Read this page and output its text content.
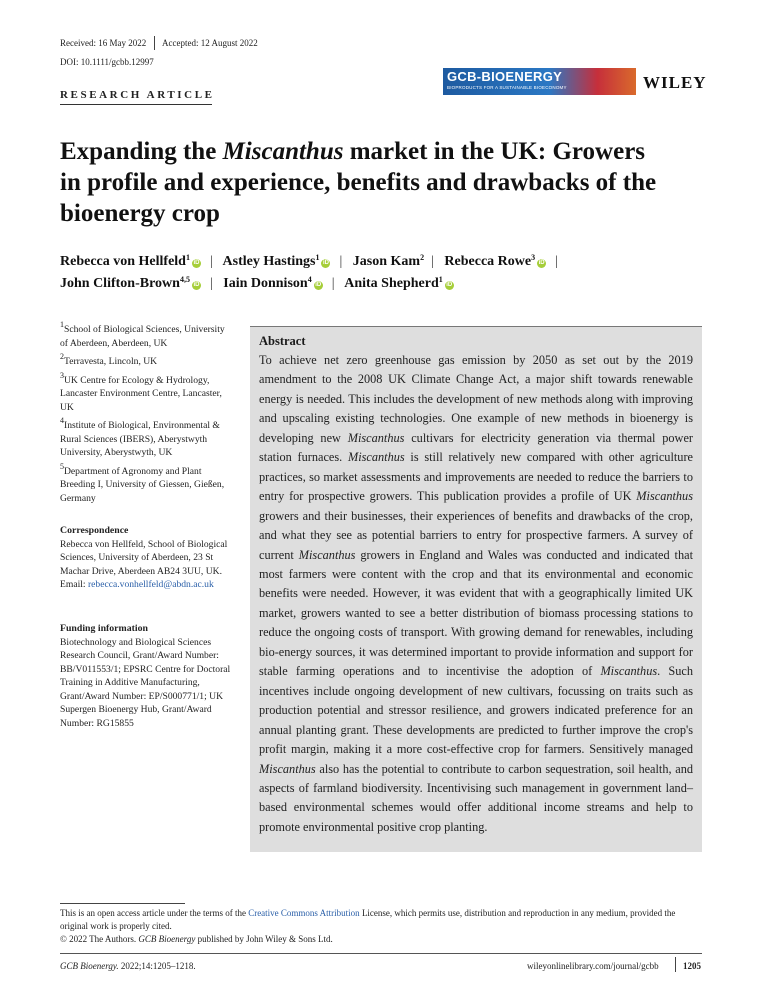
Received: 16 May 2022 Accepted: 12 August 2022
DOI: 10.1111/gcbb.12997
RESEARCH ARTICLE
GCB-BIOENERGY
BIOPRODUCTS FOR A SUSTAINABLE BIOECONOMY	WILEY
Expanding the Miscanthus market in the UK: Growers in profile and experience, benefits and drawbacks of the bioenergy crop
Rebecca von Hellfeld$^1$iD | Astley Hastings$^1$iD | Jason Kam$^2$ | Rebecca Rowe$^3$iD |
John Clifton-Brown$^{4,5}$iD | Iain Donnison$^4$iD | Anita Shepherd$^1$iD
$^1$School of Biological Sciences, University of Aberdeen, Aberdeen, UK
$^2$Terravesta, Lincoln, UK
$^3$UK Centre for Ecology & Hydrology, Lancaster Environment Centre, Lancaster, UK
$^4$Institute of Biological, Environmental & Rural Sciences (IBERS), Aberystwyth University, Aberystwyth, UK
$^5$Department of Agronomy and Plant Breeding I, University of Giessen, Gießen, Germany
Correspondence
Rebecca von Hellfeld, School of Biological Sciences, University of Aberdeen, 23 St Machar Drive, Aberdeen AB24 3UU, UK.
Email: rebecca.vonhellfeld@abdn.ac.uk
Funding information
Biotechnology and Biological Sciences Research Council, Grant/Award Number: BB/V011553/1; EPSRC Centre for Doctoral Training in Additive Manufacturing, Grant/Award Number: EP/S000771/1; UK Supergen Bioenergy Hub, Grant/Award Number: RG15855
Abstract
To achieve net zero greenhouse gas emission by 2050 as set out by the 2019 amendment to the 2008 UK Climate Change Act, a major shift towards renewable energy is needed. This includes the development of new methods along with improving and upscaling existing technologies. One example of new methods in bioenergy is developing new Miscanthus cultivars for electricity generation via thermal power station furnaces. Miscanthus is still relatively new compared with other agriculture practices, so market assessments and improvements are needed to reduce the barriers to entry for prospective growers. This publication provides a profile of UK Miscanthus growers and their businesses, their experiences of benefits and drawbacks of the crop, and what they see as potential barriers to entry for prospective farmers. A survey of current Miscanthus growers in England and Wales was conducted and indicated that most farmers were content with the crop and that its environmental and economic benefits were needed. However, it was evident that with a geographically limited UK market, growers wanted to see a better distribution of biomass processing stations to reduce the ongoing costs of transport. With growing demand for renewables, including bio-energy sources, it was determined important to provide information and support for stable farming operations and to incentivise the adoption of Miscanthus. Such incentives include ongoing development of new cultivars, focussing on traits such as production potential and stressor resilience, and growers indicated preference for an annual planting grant. These developments are predicted to further improve the crop's profit margin, making it a more cost-effective crop for farmers. Sensitively managed Miscanthus also has the potential to contribute to carbon sequestration, soil health, and aspects of farmland biodiversity. Incentivising such management in government land–based environmental schemes would offer additional income streams and help to promote environmental positive crop planting.
This is an open access article under the terms of the Creative Commons Attribution License, which permits use, distribution and reproduction in any medium, provided the original work is properly cited.
© 2022 The Authors. GCB Bioenergy published by John Wiley & Sons Ltd.
GCB Bioenergy. 2022;14:1205–1218.	wileyonlinelibrary.com/journal/gcbb	1205
